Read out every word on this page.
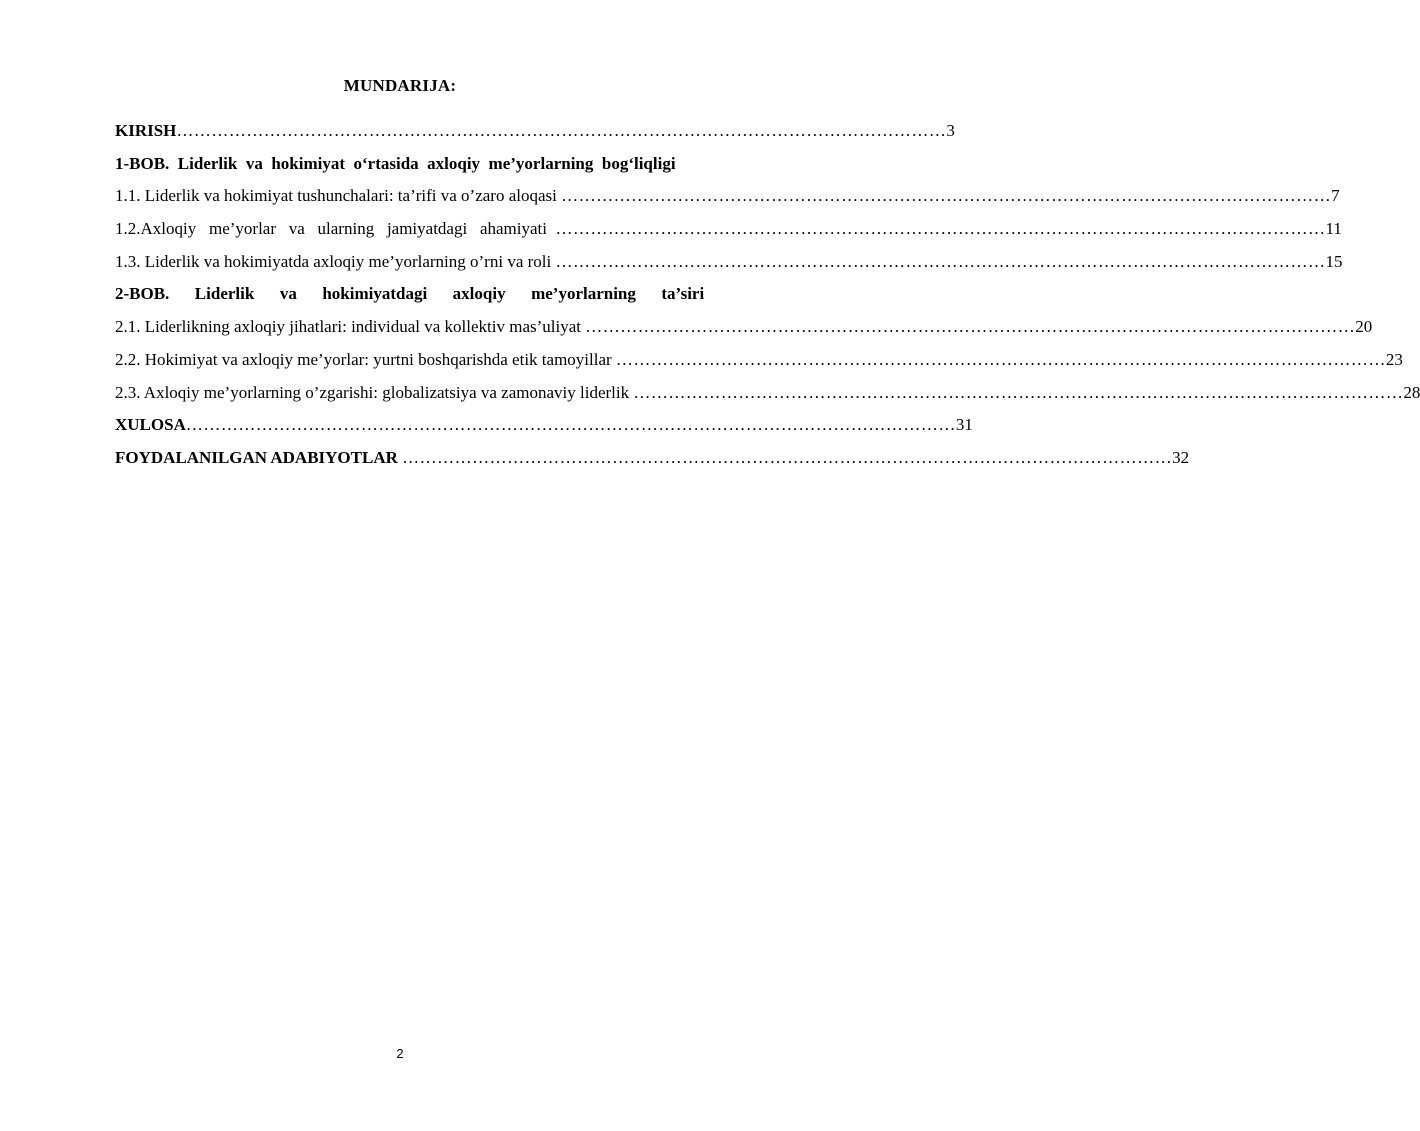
MUNDARIJA:
KIRISH …………………………………………………………………………………………………………………… 3
1-BOB.  Liderlik  va  hokimiyat  o‘rtasida  axloqiy  me’yorlarning  bog‘liqligi
1.1. Liderlik va hokimiyat tushunchalari: ta’rifi va o’zaro aloqasi …………………………………………………………………………………………………………………… 7
1.2.Axloqiy   me’yorlar   va   ularning   jamiyatdagi   ahamiyati …………………………………………………………………………………………………………………… 11
1.3. Liderlik va hokimiyatda axloqiy me’yorlarning o’rni va roli …………………………………………………………………………………………………………………… 15
2-BOB.      Liderlik      va      hokimiyatdagi      axloqiy      me’yorlarning      ta’siri
2.1. Liderlikning axloqiy jihatlari: individual va kollektiv mas’uliyat …………………………………………………………………………………………………………………… 20
2.2. Hokimiyat va axloqiy me’yorlar: yurtni boshqarishda etik tamoyillar …………………………………………………………………………………………………………………… 23
2.3. Axloqiy me’yorlarning o’zgarishi: globalizatsiya va zamonaviy liderlik …………………………………………………………………………………………………………………… 28
XULOSA …………………………………………………………………………………………………………………… 31
FOYDALANILGAN ADABIYOTLAR …………………………………………………………………………………………………………………… 32
2
